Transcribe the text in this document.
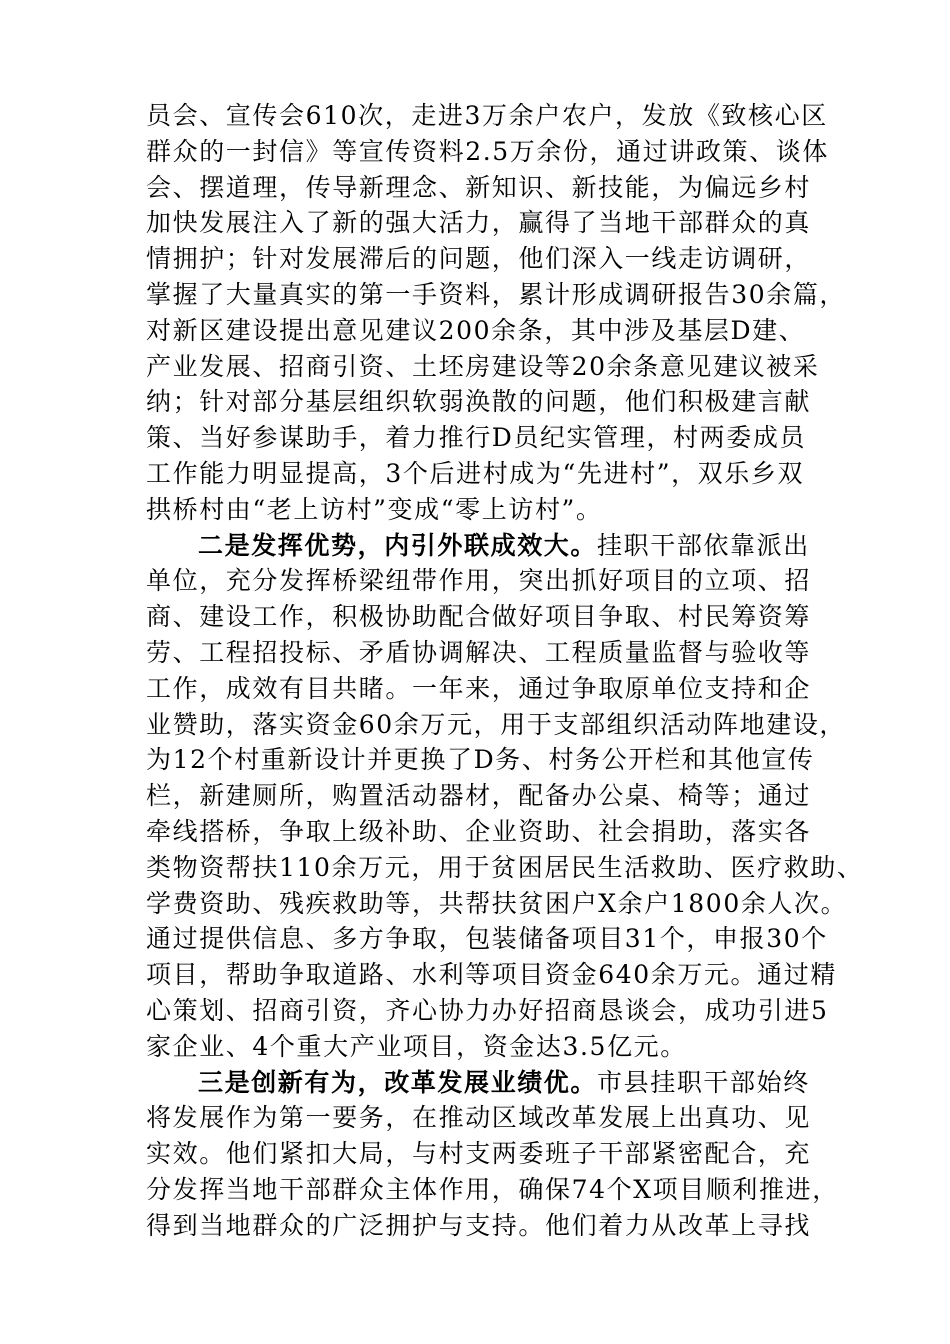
员会、宣传会610次，走进3万余户农户，发放《致核心区
群众的一封信》等宣传资料2.5万余份，通过讲政策、谈体
会、摆道理，传导新理念、新知识、新技能，为偏远乡村
加快发展注入了新的强大活力，赢得了当地干部群众的真
情拥护；针对发展滞后的问题，他们深入一线走访调研，
掌握了大量真实的第一手资料，累计形成调研报告30余篇，
对新区建设提出意见建议200余条，其中涉及基层D建、
产业发展、招商引资、土坯房建设等20余条意见建议被采
纳；针对部分基层组织软弱涣散的问题，他们积极建言献
策、当好参谋助手，着力推行D员纪实管理，村两委成员
工作能力明显提高，3个后进村成为“先进村”，双乐乡双
拱桥村由“老上访村”变成“零上访村”。
二是发挥优势，内引外联成效大。挂职干部依靠派出
单位，充分发挥桥梁纽带作用，突出抓好项目的立项、招
商、建设工作，积极协助配合做好项目争取、村民筹资筹
劳、工程招投标、矛盾协调解决、工程质量监督与验收等
工作，成效有目共睹。一年来，通过争取原单位支持和企
业赞助，落实资金60余万元，用于支部组织活动阵地建设，
为12个村重新设计并更换了D务、村务公开栏和其他宣传
栏，新建厕所，购置活动器材，配备办公桌、椅等；通过
牵线搭桥，争取上级补助、企业资助、社会捐助，落实各
类物资帮扶110余万元，用于贫困居民生活救助、医疗救助、
学费资助、残疾救助等，共帮扶贫困户X余户1800余人次。
通过提供信息、多方争取，包装储备项目31个，申报30个
项目，帮助争取道路、水利等项目资金640余万元。通过精
心策划、招商引资，齐心协力办好招商恳谈会，成功引进5
家企业、4个重大产业项目，资金达3.5亿元。
三是创新有为，改革发展业绩优。市县挂职干部始终
将发展作为第一要务，在推动区域改革发展上出真功、见
实效。他们紧扣大局，与村支两委班子干部紧密配合，充
分发挥当地干部群众主体作用，确保74个X项目顺利推进，
得到当地群众的广泛拥护与支持。他们着力从改革上寻找
